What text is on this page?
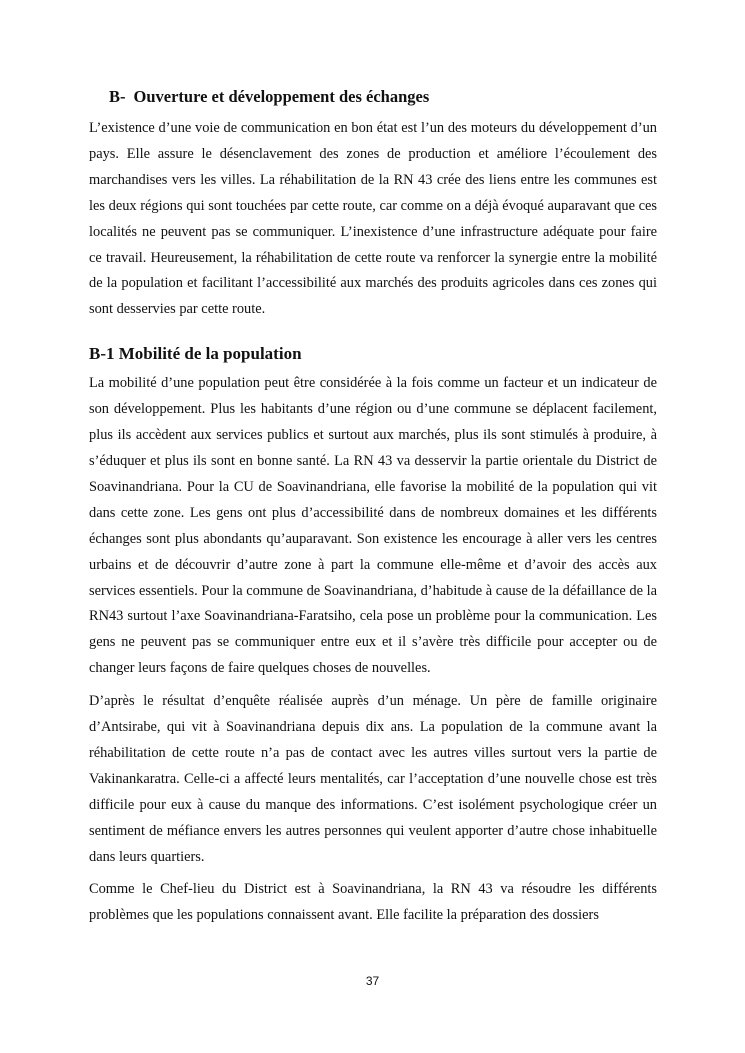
B- Ouverture et développement des échanges

L’existence d’une voie de communication en bon état est l’un des moteurs du développement d’un pays. Elle assure le désenclavement des zones de production et améliore l’écoulement des marchandises vers les villes. La réhabilitation de la RN 43 crée des liens entre les communes est les deux régions qui sont touchées par cette route, car comme on a déjà évoqué auparavant que ces localités ne peuvent pas se communiquer. L’inexistence d’une infrastructure adéquate pour faire ce travail. Heureusement, la réhabilitation de cette route va renforcer la synergie entre la mobilité de la population et facilitant l’accessibilité aux marchés des produits agricoles dans ces zones qui sont desservies par cette route.

B-1 Mobilité de la population

La mobilité d’une population peut être considérée à la fois comme un facteur et un indicateur de son développement. Plus les habitants d’une région ou d’une commune se déplacent facilement, plus ils accèdent aux services publics et surtout aux marchés, plus ils sont stimulés à produire, à s’éduquer et plus ils sont en bonne santé. La RN 43 va desservir la partie orientale du District de Soavinandriana. Pour la CU de Soavinandriana, elle favorise la mobilité de la population qui vit dans cette zone. Les gens ont plus d’accessibilité dans de nombreux domaines et les différents échanges sont plus abondants qu’auparavant. Son existence les encourage à aller vers les centres urbains et de découvrir d’autre zone à part la commune elle-même et d’avoir des accès aux services essentiels. Pour la commune de Soavinandriana, d’habitude à cause de la défaillance de la RN43 surtout l’axe Soavinandriana-Faratsiho, cela pose un problème pour la communication. Les gens ne peuvent pas se communiquer entre eux et il s’avère très difficile pour accepter ou de changer leurs façons de faire quelques choses de nouvelles.

D’après le résultat d’enquête réalisée auprès d’un ménage. Un père de famille originaire d’Antsirabe, qui vit à Soavinandriana depuis dix ans. La population de la commune avant la réhabilitation de cette route n’a pas de contact avec les autres villes surtout vers la partie de Vakinankaratra. Celle-ci a affecté leurs mentalités, car l’acceptation d’une nouvelle chose est très difficile pour eux à cause du manque des informations. C’est isolément psychologique créer un sentiment de méfiance envers les autres personnes qui veulent apporter d’autre chose inhabituelle dans leurs quartiers.

Comme le Chef-lieu du District est à Soavinandriana, la RN 43 va résoudre les différents problèmes que les populations connaissent avant. Elle facilite la préparation des dossiers

37
